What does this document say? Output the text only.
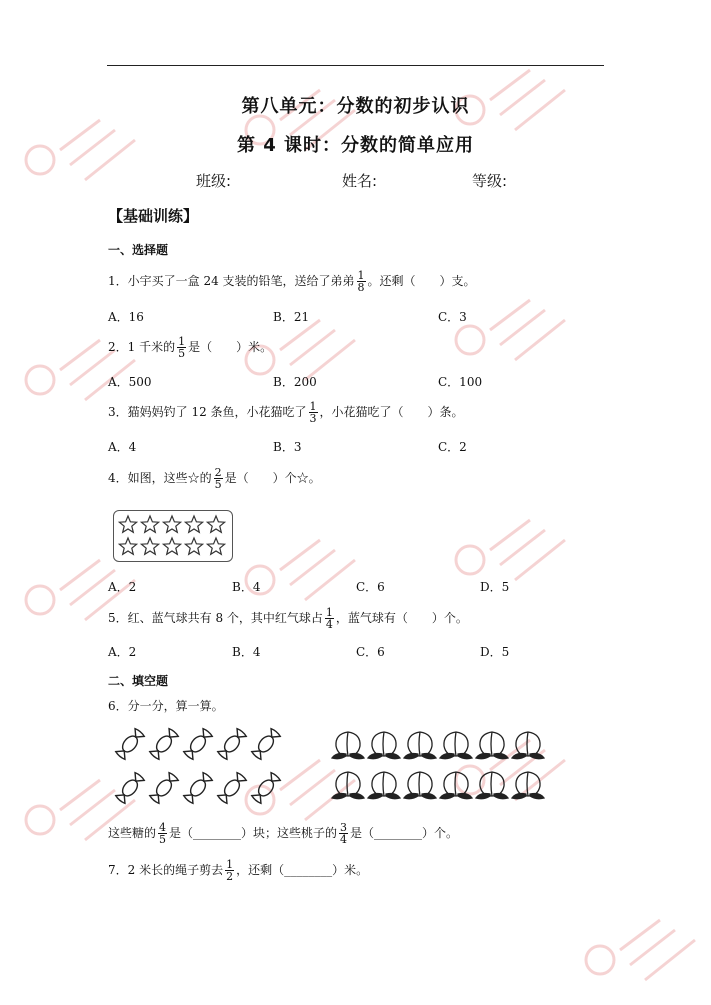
第八单元：分数的初步认识
第 4 课时：分数的简单应用
班级:	姓名:	等级:
【基础训练】
一、选择题
1．小宇买了一盒 24 支装的铅笔，送给了弟弟 $\frac{1}{8}$ 。还剩（　　）支。
A．16	B．21	C．3
2．1 千米的 $\frac{1}{5}$ 是（　　）米。
A．500	B．200	C．100
3．猫妈妈钓了 12 条鱼，小花猫吃了 $\frac{1}{3}$ ，小花猫吃了（　　）条。
A．4	B．3	C．2
4．如图，这些☆的 $\frac{2}{5}$ 是（　　）个☆。
A．2	B．4	C．6	D．5
5．红、蓝气球共有 8 个，其中红气球占 $\frac{1}{4}$ ，蓝气球有（　　）个。
A．2	B．4	C．6	D．5
二、填空题
6．分一分，算一算。
这些糖的 $\frac{4}{5}$ 是（________）块；这些桃子的 $\frac{3}{4}$ 是（________）个。
7．2 米长的绳子剪去 $\frac{1}{2}$ ，还剩（________）米。
